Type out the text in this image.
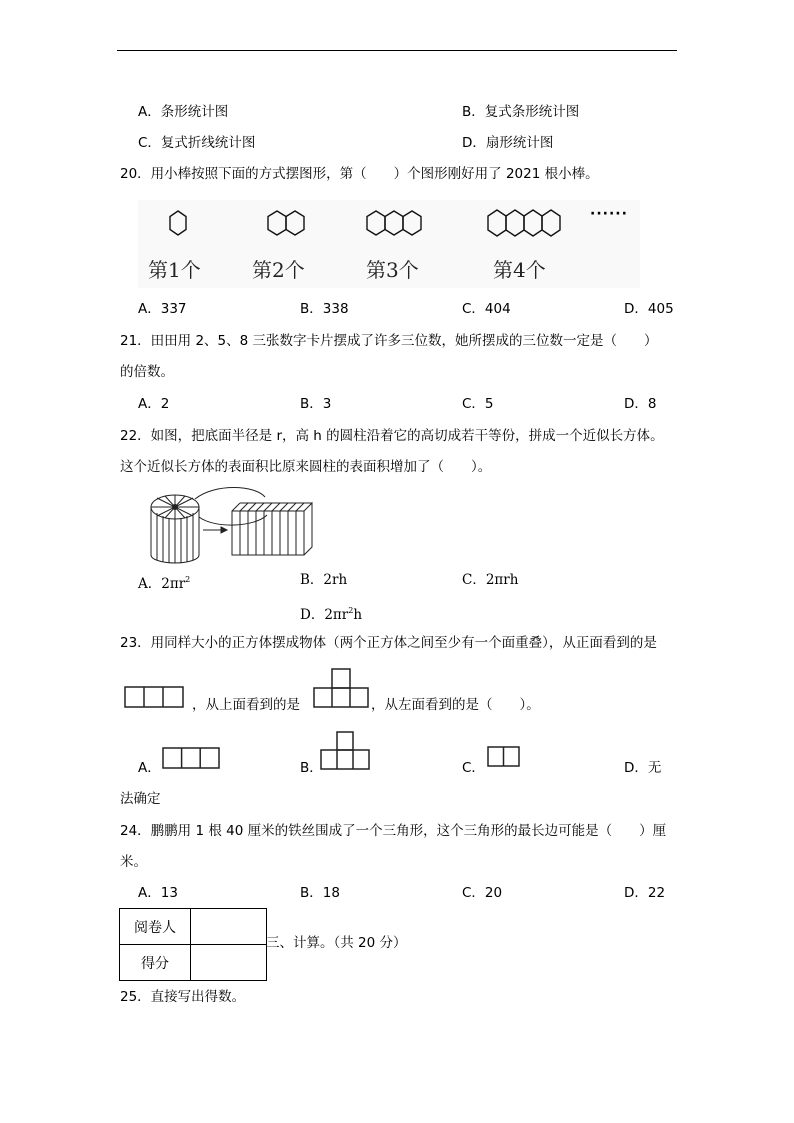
A．条形统计图	B．复式条形统计图
C．复式折线统计图	D．扇形统计图
20．用小棒按照下面的方式摆图形，第（　　）个图形刚好用了 2021 根小棒。
······
第1个	第2个	第3个	第4个
A．337	B．338	C．404	D．405
21．田田用 2、5、8 三张数字卡片摆成了许多三位数，她所摆成的三位数一定是（　　）
的倍数。
A．2	B．3	C．5	D．8
22．如图，把底面半径是 r，高 h 的圆柱沿着它的高切成若干等份，拼成一个近似长方体。
这个近似长方体的表面积比原来圆柱的表面积增加了（　　）。
A．$2\pi r^2$	B．2rh	C．2πrh
D．$2\pi r^2h$
23．用同样大小的正方体摆成物体（两个正方体之间至少有一个面重叠），从正面看到的是
，从上面看到的是	，从左面看到的是（　　）。
A．	B．	C．	D．无
法确定
24．鹏鹏用 1 根 40 厘米的铁丝围成了一个三角形，这个三角形的最长边可能是（　　）厘
米。
A．13	B．18	C．20	D．22
阅卷人	
得分	
三、计算。（共 20 分）
25．直接写出得数。
